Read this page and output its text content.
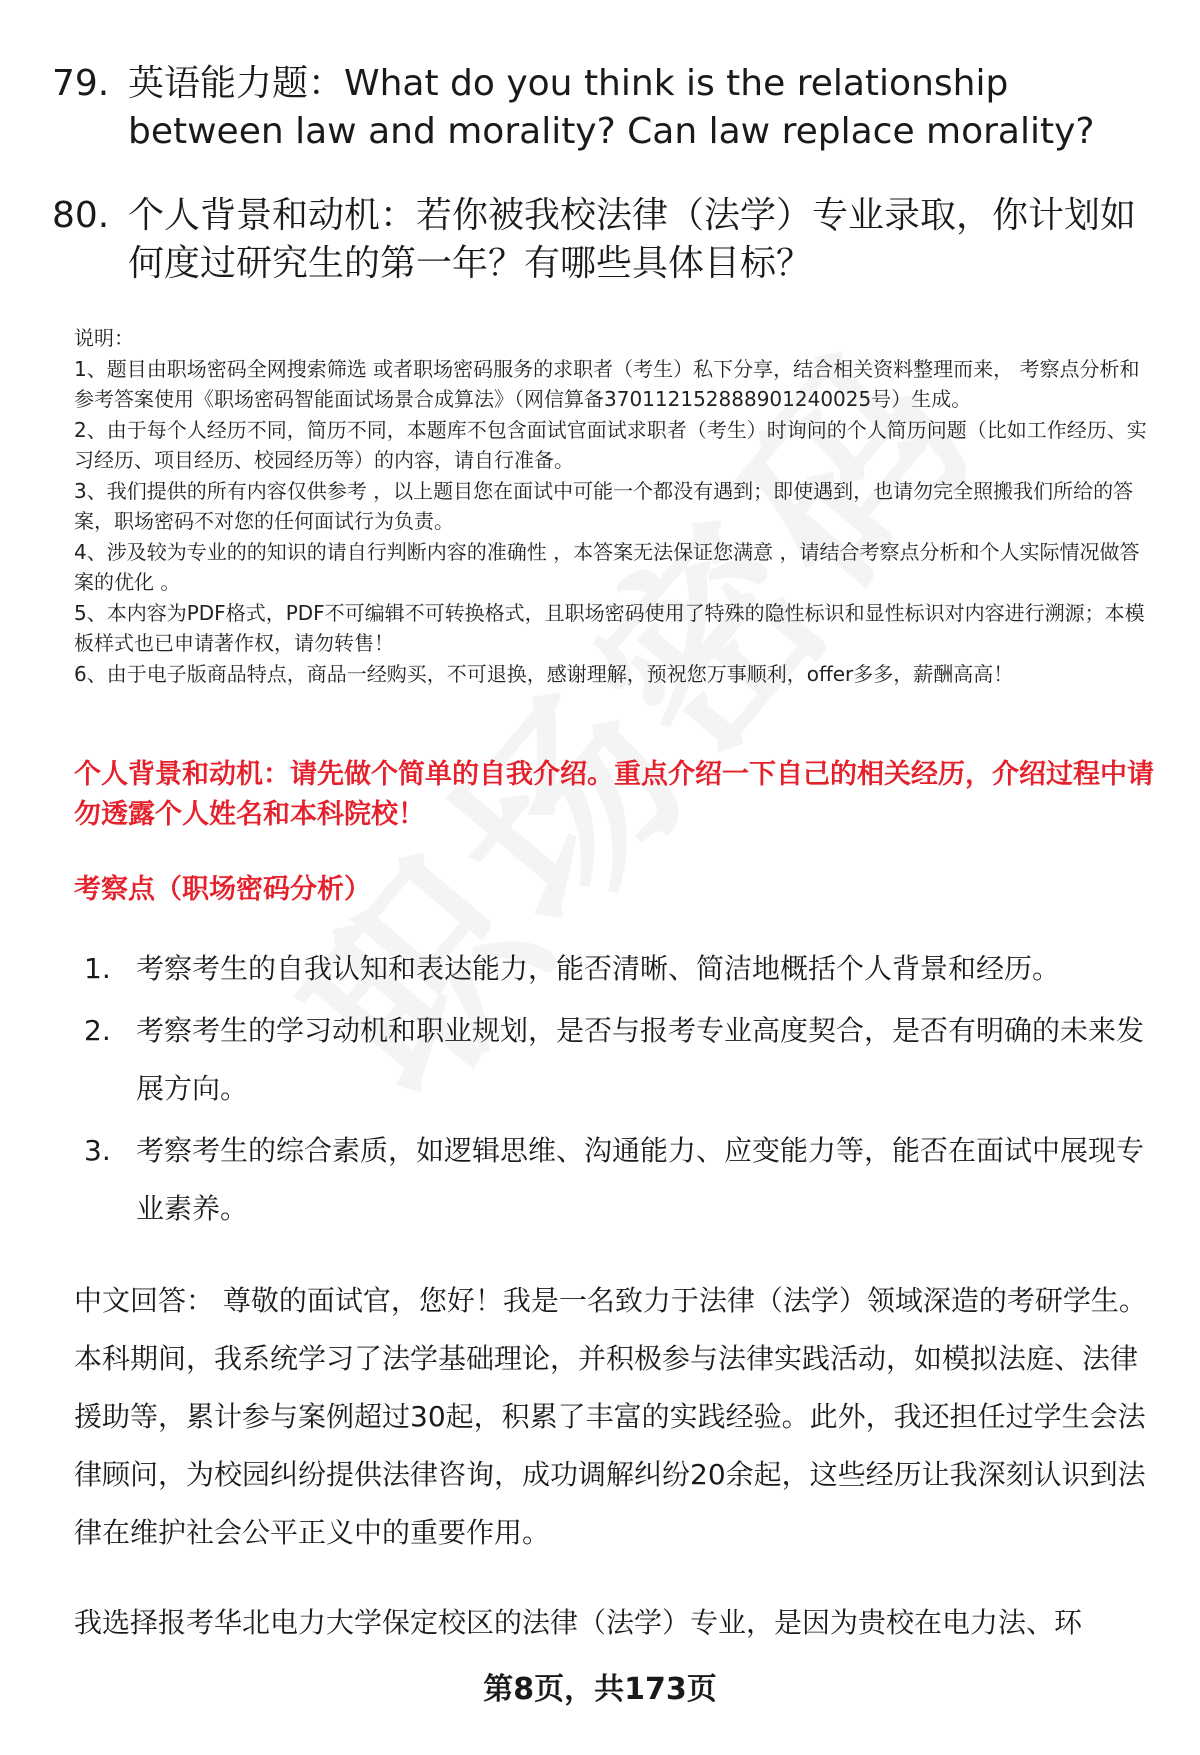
79. 英语能力题：What do you think is the relationship between law and morality? Can law replace morality?
80. 个人背景和动机：若你被我校法律（法学）专业录取，你计划如何度过研究生的第一年？有哪些具体目标？

说明：

1、题目由职场密码全网搜索筛选 或者职场密码服务的求职者（考生）私下分享，结合相关资料整理而来， 考察点分析和参考答案使用《职场密码智能面试场景合成算法》（网信算备370112152888901240025号）生成。

2、由于每个人经历不同，简历不同，本题库不包含面试官面试求职者（考生）时询问的个人简历问题（比如工作经历、实习经历、项目经历、校园经历等）的内容，请自行准备。

3、我们提供的所有内容仅供参考 ，以上题目您在面试中可能一个都没有遇到；即使遇到，也请勿完全照搬我们所给的答案，职场密码不对您的任何面试行为负责。

4、涉及较为专业的的知识的请自行判断内容的准确性 ，本答案无法保证您满意 ，请结合考察点分析和个人实际情况做答案的优化 。

5、本内容为PDF格式，PDF不可编辑不可转换格式，且职场密码使用了特殊的隐性标识和显性标识对内容进行溯源；本模板样式也已申请著作权，请勿转售！

6、由于电子版商品特点，商品一经购买，不可退换，感谢理解，预祝您万事顺利，offer多多，薪酬高高！

个人背景和动机：请先做个简单的自我介绍。重点介绍一下自己的相关经历，介绍过程中请勿透露个人姓名和本科院校！
考察点（职场密码分析）
1. 考察考生的自我认知和表达能力，能否清晰、简洁地概括个人背景和经历。
2. 考察考生的学习动机和职业规划，是否与报考专业高度契合，是否有明确的未来发展方向。
3. 考察考生的综合素质，如逻辑思维、沟通能力、应变能力等，能否在面试中展现专业素养。

中文回答： 尊敬的面试官，您好！我是一名致力于法律（法学）领域深造的考研学生。本科期间，我系统学习了法学基础理论，并积极参与法律实践活动，如模拟法庭、法律援助等，累计参与案例超过30起，积累了丰富的实践经验。此外，我还担任过学生会法律顾问，为校园纠纷提供法律咨询，成功调解纠纷20余起，这些经历让我深刻认识到法律在维护社会公平正义中的重要作用。

我选择报考华北电力大学保定校区的法律（法学）专业，是因为贵校在电力法、环

第8页，共173页
